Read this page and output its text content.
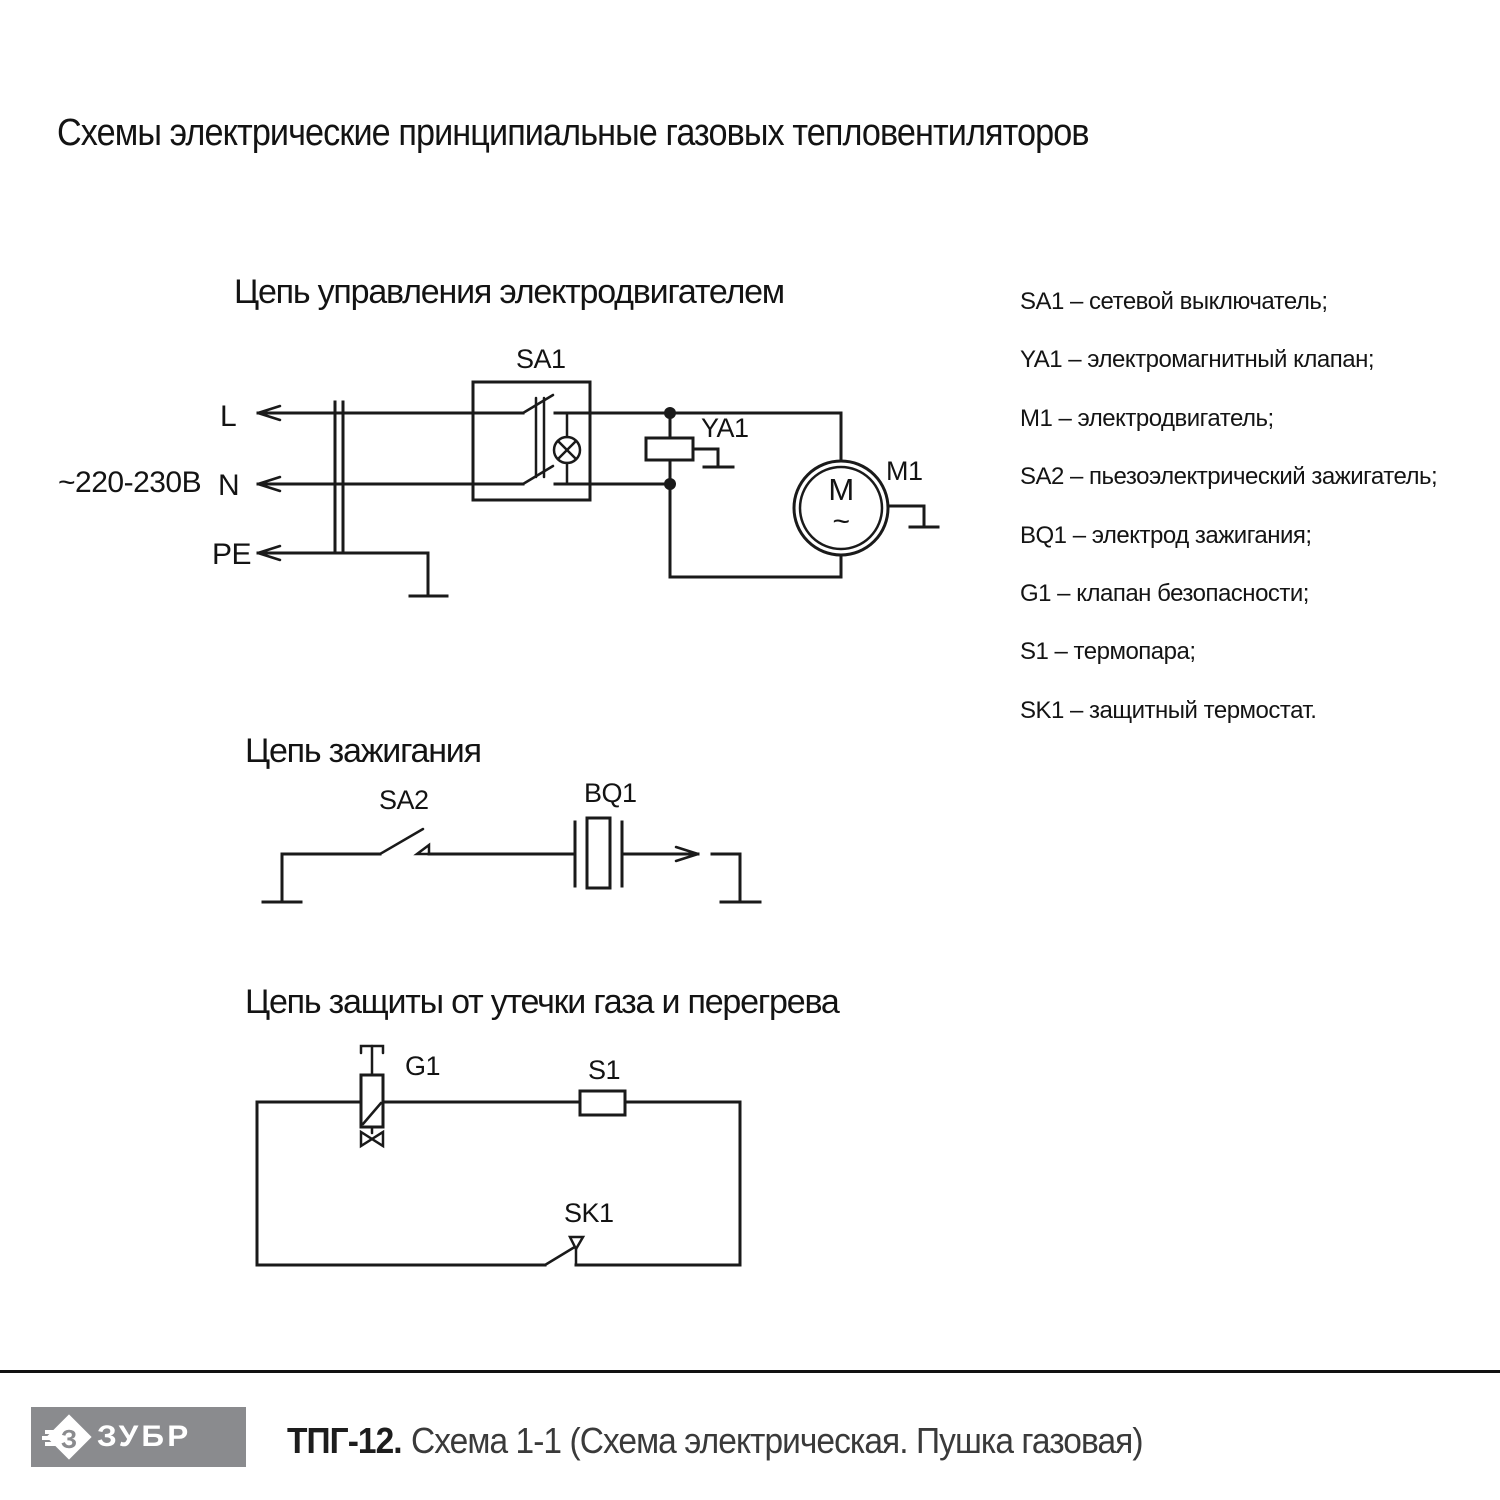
Схемы электрические принципиальные газовых тепловентиляторов
Цепь управления электродвигателем
~220-230В
L
N
PE
SA1
YA1
M
~
M1
Цепь зажигания
SA2	BQ1
Цепь защиты от утечки газа и перегрева
G1	S1
SK1
SA1 – сетевой выключатель;
YA1 – электромагнитный клапан;
M1 – электродвигатель;
SA2 – пьезоэлектрический зажигатель;
BQ1 – электрод зажигания;
G1 – клапан безопасности;
S1 – термопара;
SK1 – защитный термостат.
З ЗУБР	ТПГ-12. Схема 1-1 (Схема электрическая. Пушка газовая)
